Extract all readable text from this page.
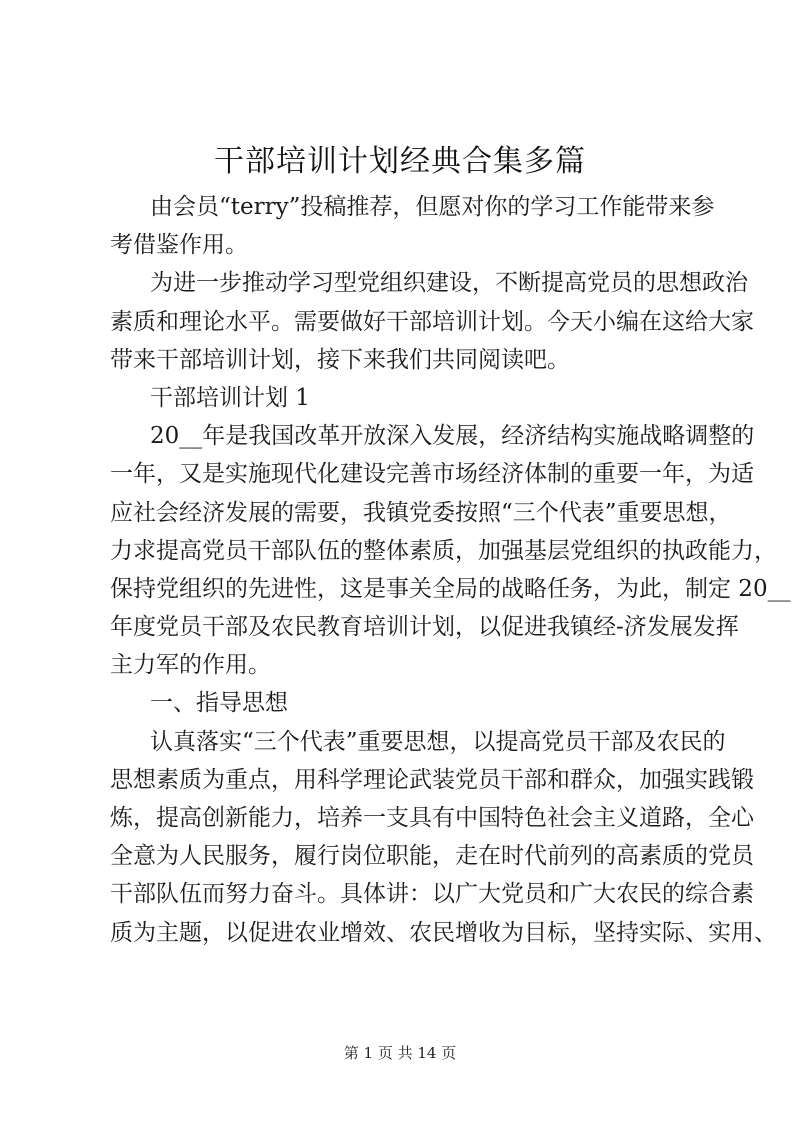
干部培训计划经典合集多篇
由会员“terry”投稿推荐，但愿对你的学习工作能带来参
考借鉴作用。
为进一步推动学习型党组织建设，不断提高党员的思想政治
素质和理论水平。需要做好干部培训计划。今天小编在这给大家
带来干部培训计划，接下来我们共同阅读吧。
干部培训计划 1
20__年是我国改革开放深入发展，经济结构实施战略调整的
一年，又是实施现代化建设完善市场经济体制的重要一年，为适
应社会经济发展的需要，我镇党委按照“三个代表”重要思想，
力求提高党员干部队伍的整体素质，加强基层党组织的执政能力，
保持党组织的先进性，这是事关全局的战略任务，为此，制定 20__
年度党员干部及农民教育培训计划，以促进我镇经-济发展发挥
主力军的作用。
一、指导思想
认真落实“三个代表”重要思想，以提高党员干部及农民的
思想素质为重点，用科学理论武装党员干部和群众，加强实践锻
炼，提高创新能力，培养一支具有中国特色社会主义道路，全心
全意为人民服务，履行岗位职能，走在时代前列的高素质的党员
干部队伍而努力奋斗。具体讲：以广大党员和广大农民的综合素
质为主题，以促进农业增效、农民增收为目标，坚持实际、实用、
第 1 页 共 14 页
